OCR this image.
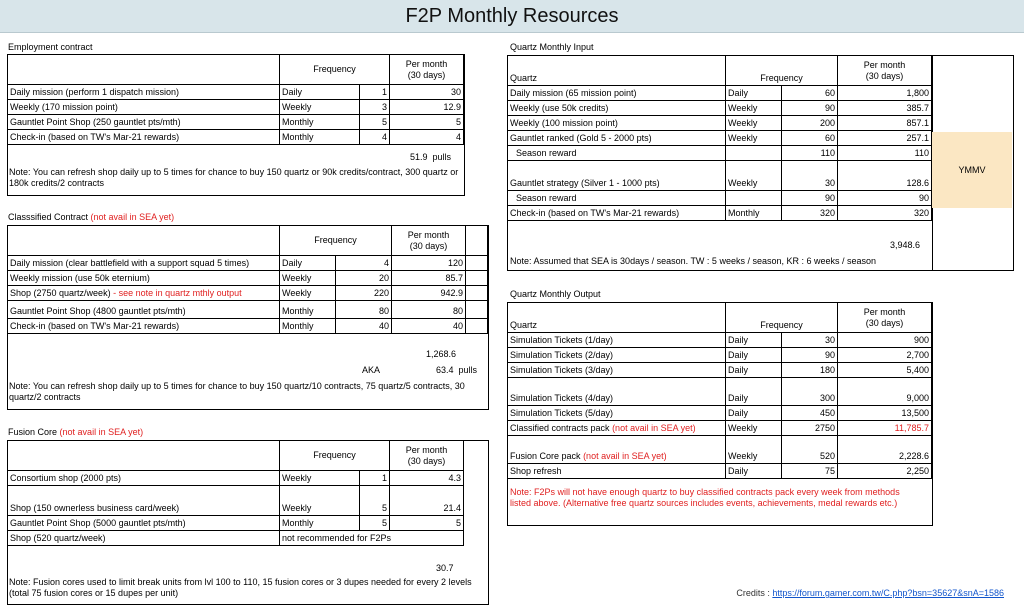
F2P Monthly Resources
Employment contract
	Frequency		Per month
(30 days)
Daily mission (perform 1 dispatch mission)	Daily	1	30
Weekly (170 mission point)	Weekly	3	12.9
Gauntlet Point Shop (250 gauntlet pts/mth)	Monthly	5	5
Check-in (based on TW's Mar-21 rewards)	Monthly	4	4
51.9 pulls
Note: You can refresh shop daily up to 5 times for chance to buy 150 quartz or 90k credits/contract, 300 quartz or 180k credits/2 contracts
Classsified Contract (not avail in SEA yet)
	Frequency		Per month
(30 days)	
Daily mission (clear battlefield with a support squad 5 times)	Daily	4	120	
Weekly mission (use 50k eternium)	Weekly	20	85.7	
Shop (2750 quartz/week) - see note in quartz mthly output	Weekly	220	942.9	
Gauntlet Point Shop (4800 gauntlet pts/mth)	Monthly	80	80	
Check-in (based on TW's Mar-21 rewards)	Monthly	40	40	
1,268.6
AKA	63.4 pulls
Note: You can refresh shop daily up to 5 times for chance to buy 150 quartz/10 contracts, 75 quartz/5 contracts, 30 quartz/2 contracts
Fusion Core (not avail in SEA yet)
	Frequency		Per month
(30 days)
Consortium shop (2000 pts)	Weekly	1	4.3
Shop (150 ownerless business card/week)	Weekly	5	21.4
Gauntlet Point Shop (5000 gauntlet pts/mth)	Monthly	5	5
Shop (520 quartz/week)	not recommended for F2Ps		
30.7
Note: Fusion cores used to limit break units from lvl 100 to 110, 15 fusion cores or 3 dupes needed for every 2 levels (total 75 fusion cores or 15 dupes per unit)
Quartz Monthly Input
YMMV
Quartz	Frequency		Per month
(30 days)
Daily mission (65 mission point)	Daily	60	1,800
Weekly (use 50k credits)	Weekly	90	385.7
Weekly (100 mission point)	Weekly	200	857.1
Gauntlet ranked (Gold 5 - 2000 pts)	Weekly	60	257.1
Season reward		110	110
Gauntlet strategy (Silver 1 - 1000 pts)	Weekly	30	128.6
Season reward		90	90
Check-in (based on TW's Mar-21 rewards)	Monthly	320	320
3,948.6
Note: Assumed that SEA is 30days / season. TW : 5 weeks / season, KR : 6 weeks / season
Quartz Monthly Output
Quartz	Frequency		Per month
(30 days)
Simulation Tickets (1/day)	Daily	30	900
Simulation Tickets (2/day)	Daily	90	2,700
Simulation Tickets (3/day)	Daily	180	5,400
Simulation Tickets (4/day)	Daily	300	9,000
Simulation Tickets (5/day)	Daily	450	13,500
Classified contracts pack (not avail in SEA yet)	Weekly	2750	11,785.7
Fusion Core pack (not avail in SEA yet)	Weekly	520	2,228.6
Shop refresh	Daily	75	2,250
Note: F2Ps will not have enough quartz to buy classified contracts pack every week from methods listed above. (Alternative free quartz sources includes events, achievements, medal rewards etc.)
Credits : https://forum.gamer.com.tw/C.php?bsn=35627&snA=1586
